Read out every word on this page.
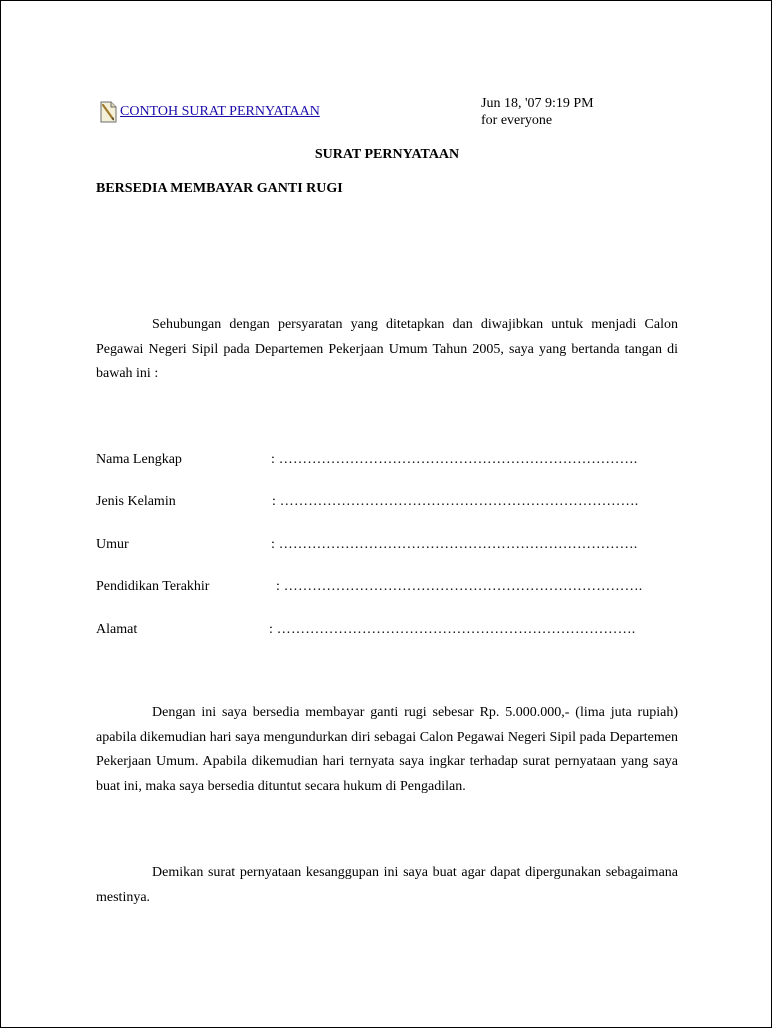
CONTOH SURAT PERNYATAAN
Jun 18, '07 9:19 PM
for everyone
SURAT PERNYATAAN
BERSEDIA MEMBAYAR GANTI RUGI

Sehubungan dengan persyaratan yang ditetapkan dan diwajibkan untuk menjadi Calon Pegawai Negeri Sipil pada Departemen Pekerjaan Umum Tahun 2005, saya yang bertanda tangan di bawah ini :

Nama Lengkap	: ………………………………………………………………….
Jenis Kelamin	: ………………………………………………………………….
Umur	: ………………………………………………………………….
Pendidikan Terakhir	: ………………………………………………………………….
Alamat	: ………………………………………………………………….

Dengan ini saya bersedia membayar ganti rugi sebesar Rp. 5.000.000,- (lima juta rupiah) apabila dikemudian hari saya mengundurkan diri sebagai Calon Pegawai Negeri Sipil pada Departemen Pekerjaan Umum. Apabila dikemudian hari ternyata saya ingkar terhadap surat pernyataan yang saya buat ini, maka saya bersedia dituntut secara hukum di Pengadilan.

Demikan surat pernyataan kesanggupan ini saya buat agar dapat dipergunakan sebagaimana mestinya.
